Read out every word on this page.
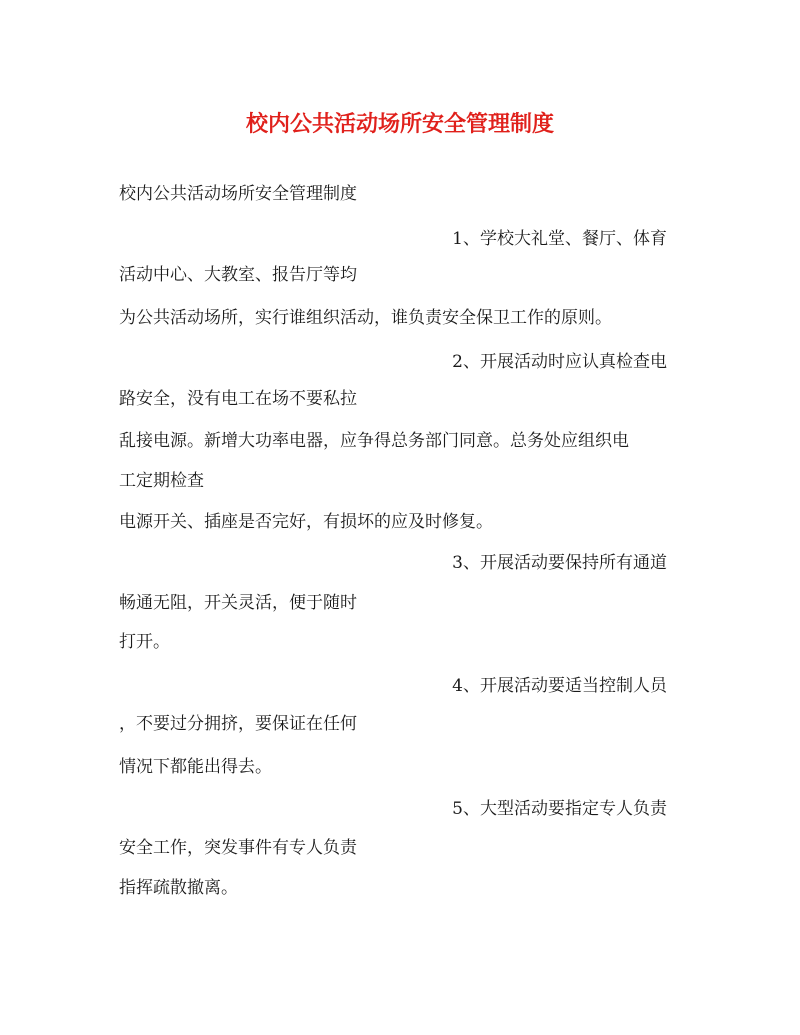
校内公共活动场所安全管理制度
校内公共活动场所安全管理制度
1、学校大礼堂、餐厅、体育
活动中心、大教室、报告厅等均
为公共活动场所，实行谁组织活动，谁负责安全保卫工作的原则。
2、开展活动时应认真检查电
路安全，没有电工在场不要私拉
乱接电源。新增大功率电器，应争得总务部门同意。总务处应组织电
工定期检查
电源开关、插座是否完好，有损坏的应及时修复。
3、开展活动要保持所有通道
畅通无阻，开关灵活，便于随时
打开。
4、开展活动要适当控制人员
，不要过分拥挤，要保证在任何
情况下都能出得去。
5、大型活动要指定专人负责
安全工作，突发事件有专人负责
指挥疏散撤离。
